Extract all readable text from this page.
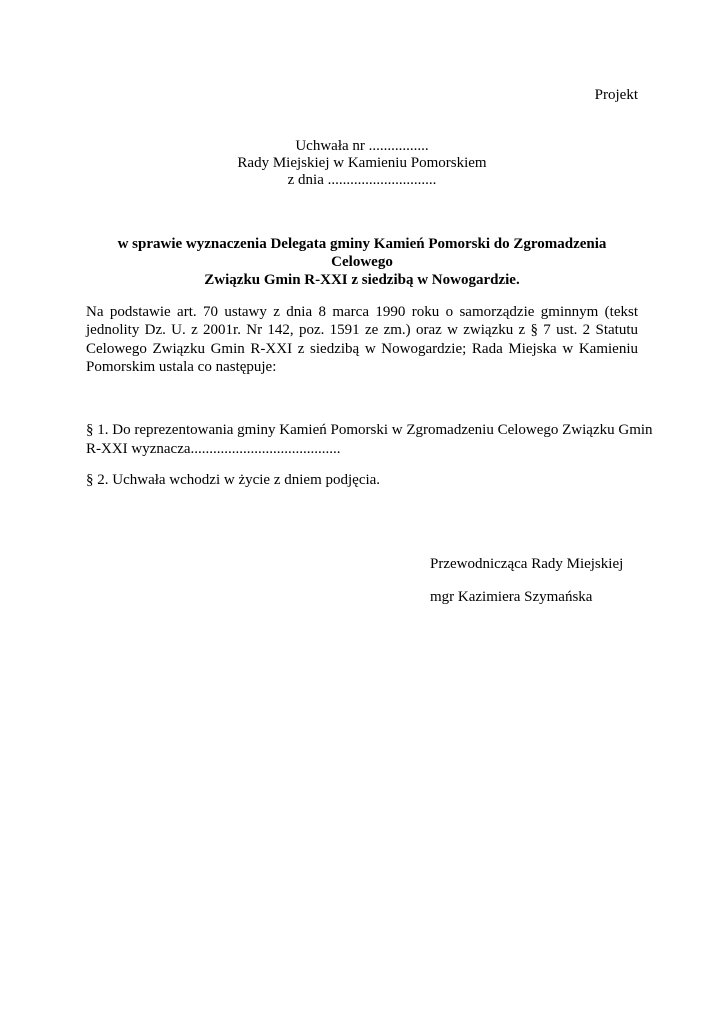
Projekt
Uchwała nr ................
Rady Miejskiej w Kamieniu Pomorskiem
z dnia .............................
w sprawie wyznaczenia Delegata gminy Kamień Pomorski do Zgromadzenia Celowego
Związku Gmin R-XXI z siedzibą w Nowogardzie.
Na podstawie art. 70 ustawy z dnia 8 marca 1990 roku o samorządzie gminnym (tekst
jednolity Dz. U. z 2001r. Nr 142, poz. 1591 ze zm.) oraz w związku z § 7 ust. 2 Statutu
Celowego Związku Gmin R-XXI z siedzibą w Nowogardzie; Rada Miejska w Kamieniu
Pomorskim ustala co następuje:
§ 1. Do reprezentowania gminy Kamień Pomorski w Zgromadzeniu Celowego Związku Gmin
R-XXI wyznacza........................................
§ 2. Uchwała wchodzi w życie z dniem podjęcia.
Przewodnicząca Rady Miejskiej
mgr Kazimiera Szymańska
